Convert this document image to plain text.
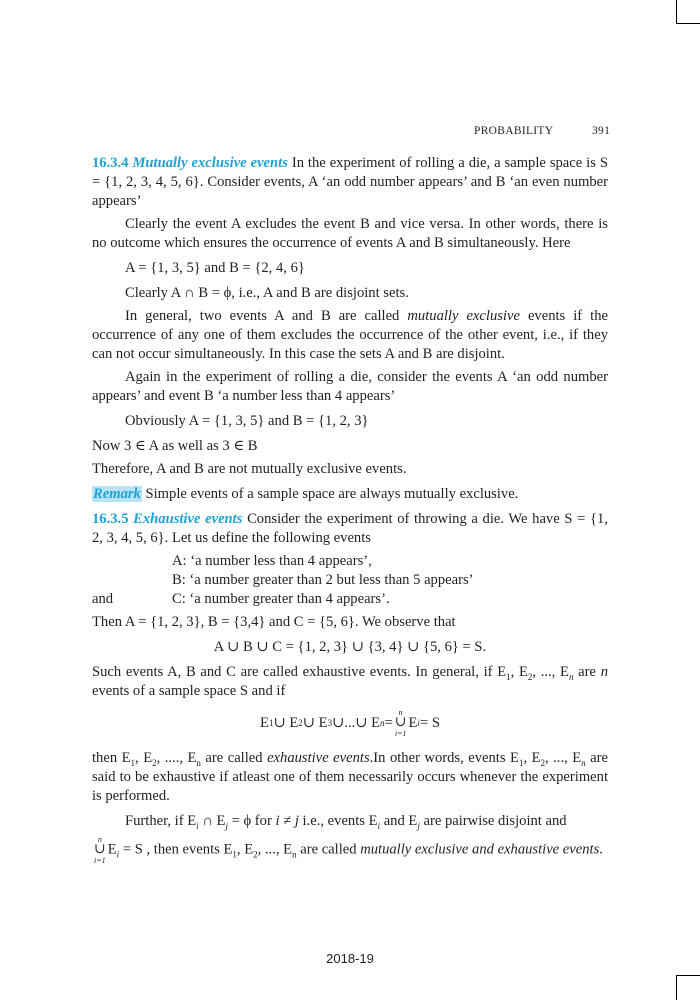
PROBABILITY	391

16.3.4 Mutually exclusive events In the experiment of rolling a die, a sample space is S = {1, 2, 3, 4, 5, 6}. Consider events, A ‘an odd number appears’ and B ‘an even number appears’

Clearly the event A excludes the event B and vice versa. In other words, there is no outcome which ensures the occurrence of events A and B simultaneously. Here

A = {1, 3, 5} and B = {2, 4, 6}

Clearly A ∩ B = ϕ, i.e., A and B are disjoint sets.

In general, two events A and B are called mutually exclusive events if the occurrence of any one of them excludes the occurrence of the other event, i.e., if they can not occur simultaneously. In this case the sets A and B are disjoint.

Again in the experiment of rolling a die, consider the events A ‘an odd number appears’ and event B ‘a number less than 4 appears’

Obviously A = {1, 3, 5} and B = {1, 2, 3}

Now 3 ∈ A as well as 3 ∈ B

Therefore, A and B are not mutually exclusive events.

Remark Simple events of a sample space are always mutually exclusive.

16.3.5 Exhaustive events Consider the experiment of throwing a die. We have S = {1, 2, 3, 4, 5, 6}. Let us define the following events

A: ‘a number less than 4 appears’,
B: ‘a number greater than 2 but less than 5 appears’
and	C: ‘a number greater than 4 appears’.

Then A = {1, 2, 3}, B = {3,4} and C = {5, 6}. We observe that

A ∪ B ∪ C = {1, 2, 3} ∪ {3, 4} ∪ {5, 6} = S.

Such events A, B and C are called exhaustive events. In general, if $E_1$, $E_2$, ..., $E_n$ are n events of a sample space S and if

E 1 ∪ E 2 ∪ E 3 ∪...∪ E n =
n
∪
i=1
E i = S

then $E_1$, $E_2$, ...., $E_n$ are called exhaustive events.In other words, events $E_1$, $E_2$, ..., $E_n$ are said to be exhaustive if atleast one of them necessarily occurs whenever the experiment is performed.

Further, if $E_i$ ∩ $E_j = \phi$ for i ≠ j i.e., events $E_i$ and $E_j$ are pairwise disjoint and

n
∪
i=1
$E_i = S$ , then events $E_1$, $E_2$, ..., $E_n$ are called mutually exclusive and exhaustive events.

2018-19
